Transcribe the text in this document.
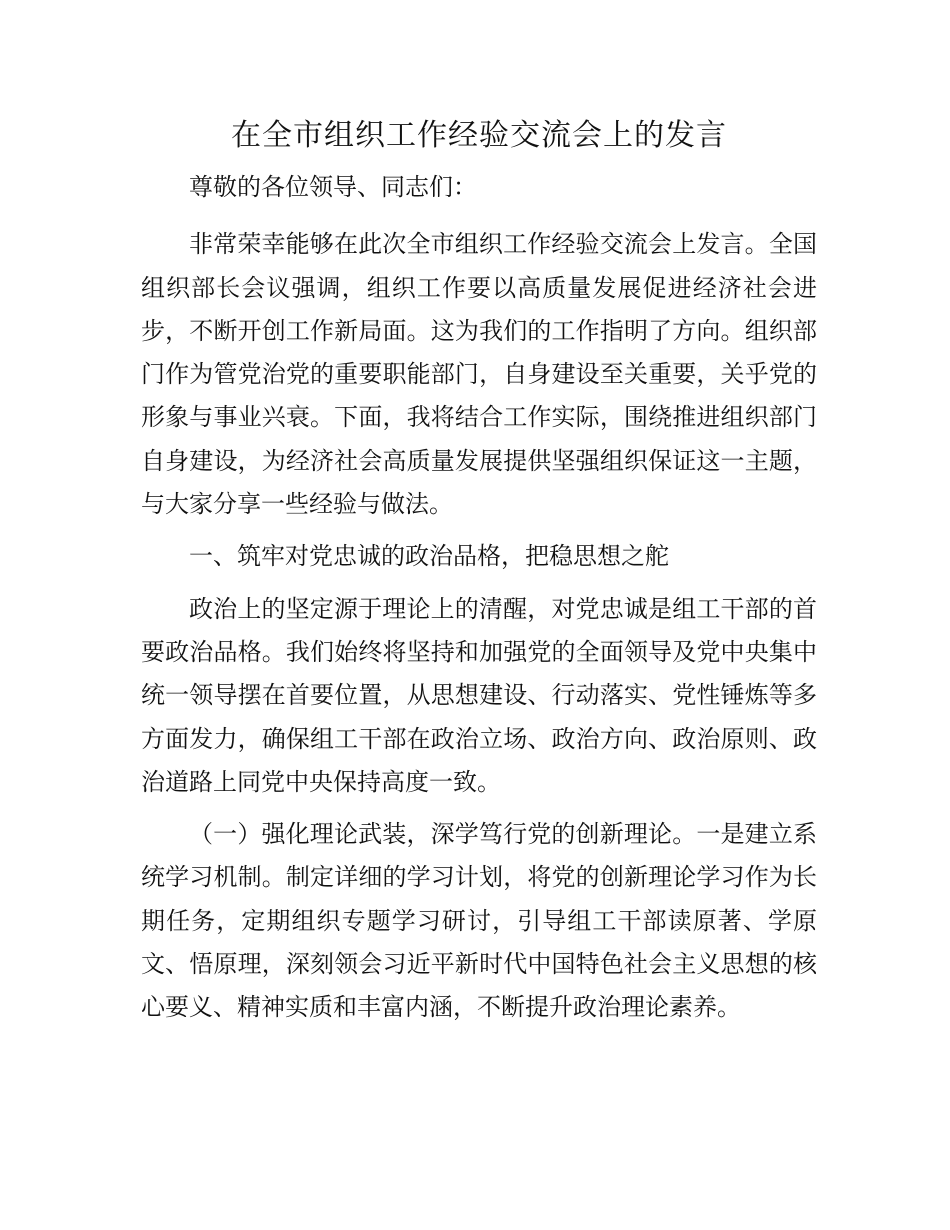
在全市组织工作经验交流会上的发言

尊敬的各位领导、同志们：

非常荣幸能够在此次全市组织工作经验交流会上发言。全国组织部长会议强调，组织工作要以高质量发展促进经济社会进步，不断开创工作新局面。这为我们的工作指明了方向。组织部门作为管党治党的重要职能部门，自身建设至关重要，关乎党的形象与事业兴衰。下面，我将结合工作实际，围绕推进组织部门自身建设，为经济社会高质量发展提供坚强组织保证这一主题，与大家分享一些经验与做法。

一、筑牢对党忠诚的政治品格，把稳思想之舵

政治上的坚定源于理论上的清醒，对党忠诚是组工干部的首要政治品格。我们始终将坚持和加强党的全面领导及党中央集中统一领导摆在首要位置，从思想建设、行动落实、党性锤炼等多方面发力，确保组工干部在政治立场、政治方向、政治原则、政治道路上同党中央保持高度一致。

（一）强化理论武装，深学笃行党的创新理论。一是建立系统学习机制。制定详细的学习计划，将党的创新理论学习作为长期任务，定期组织专题学习研讨，引导组工干部读原著、学原文、悟原理，深刻领会习近平新时代中国特色社会主义思想的核心要义、精神实质和丰富内涵，不断提升政治理论素养。
